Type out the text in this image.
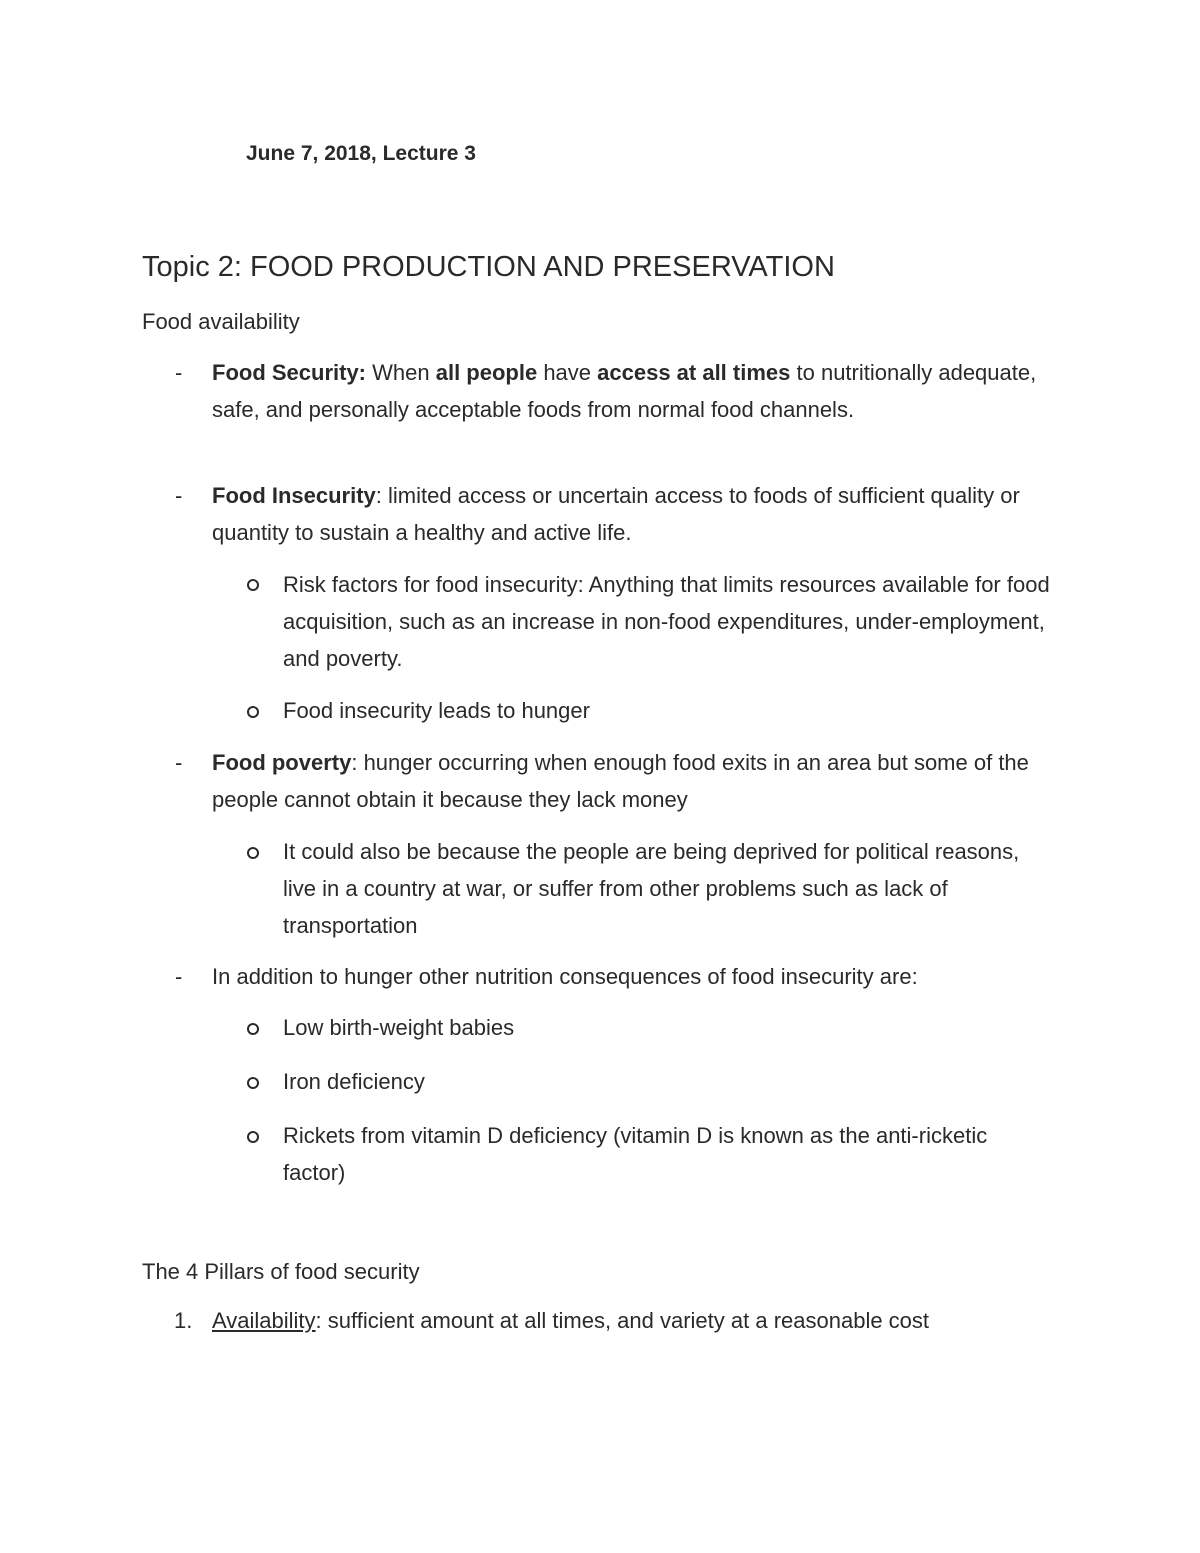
June 7, 2018, Lecture 3
Topic 2: FOOD PRODUCTION AND PRESERVATION
Food availability
- Food Security: When all people have access at all times to nutritionally adequate, safe, and personally acceptable foods from normal food channels.
- Food Insecurity: limited access or uncertain access to foods of sufficient quality or quantity to sustain a healthy and active life.
Risk factors for food insecurity: Anything that limits resources available for food acquisition, such as an increase in non-food expenditures, under-employment, and poverty.
Food insecurity leads to hunger
- Food poverty: hunger occurring when enough food exits in an area but some of the people cannot obtain it because they lack money
It could also be because the people are being deprived for political reasons, live in a country at war, or suffer from other problems such as lack of transportation
- In addition to hunger other nutrition consequences of food insecurity are:
Low birth-weight babies
Iron deficiency
Rickets from vitamin D deficiency (vitamin D is known as the anti-ricketic factor)
The 4 Pillars of food security
1. Availability: sufficient amount at all times, and variety at a reasonable cost
